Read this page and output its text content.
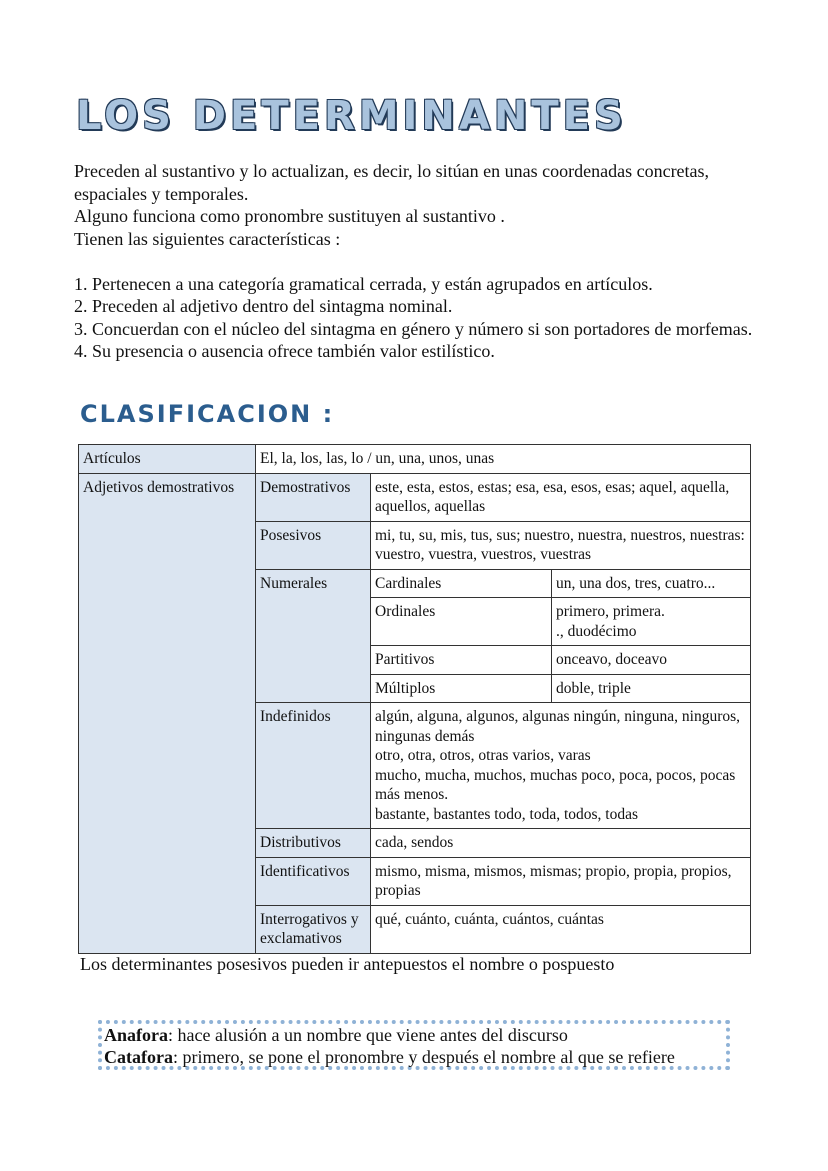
LOS DETERMINANTES

Preceden al sustantivo y lo actualizan, es decir, lo sitúan en unas coordenadas concretas, espaciales y temporales.

Alguno funciona como pronombre sustituyen al sustantivo .

Tienen las siguientes características :

1. Pertenecen a una categoría gramatical cerrada, y están agrupados en artículos.

2. Preceden al adjetivo dentro del sintagma nominal.

3. Concuerdan con el núcleo del sintagma en género y número si son portadores de morfemas.

4. Su presencia o ausencia ofrece también valor estilístico.

CLASIFICACION :
Artículos	El, la, los, las, lo / un, una, unos, unas		
Adjetivos demostrativos	Demostrativos	este, esta, estos, estas; esa, esa, esos, esas; aquel, aquella, aquellos, aquellas	
	Posesivos	mi, tu, su, mis, tus, sus; nuestro, nuestra, nuestros, nuestras: vuestro, vuestra, vuestros, vuestras	
	Numerales	Cardinales	un, una dos, tres, cuatro...
		Ordinales	primero, primera.
., duodécimo
		Partitivos	onceavo, doceavo
		Múltiplos	doble, triple
	Indefinidos	algún, alguna, algunos, algunas ningún, ninguna, ninguros, ningunas demás
otro, otra, otros, otras varios, varas
mucho, mucha, muchos, muchas poco, poca, pocos, pocas más menos.
bastante, bastantes todo, toda, todos, todas	
	Distributivos	cada, sendos	
	Identificativos	mismo, misma, mismos, mismas; propio, propia, propios, propias	
	Interrogativos y exclamativos	qué, cuánto, cuánta, cuántos, cuántas	
Los determinantes posesivos pueden ir antepuestos el nombre o pospuesto

Anafora: hace alusión a un nombre que viene antes del discurso

Catafora: primero, se pone el pronombre y después el nombre al que se refiere
